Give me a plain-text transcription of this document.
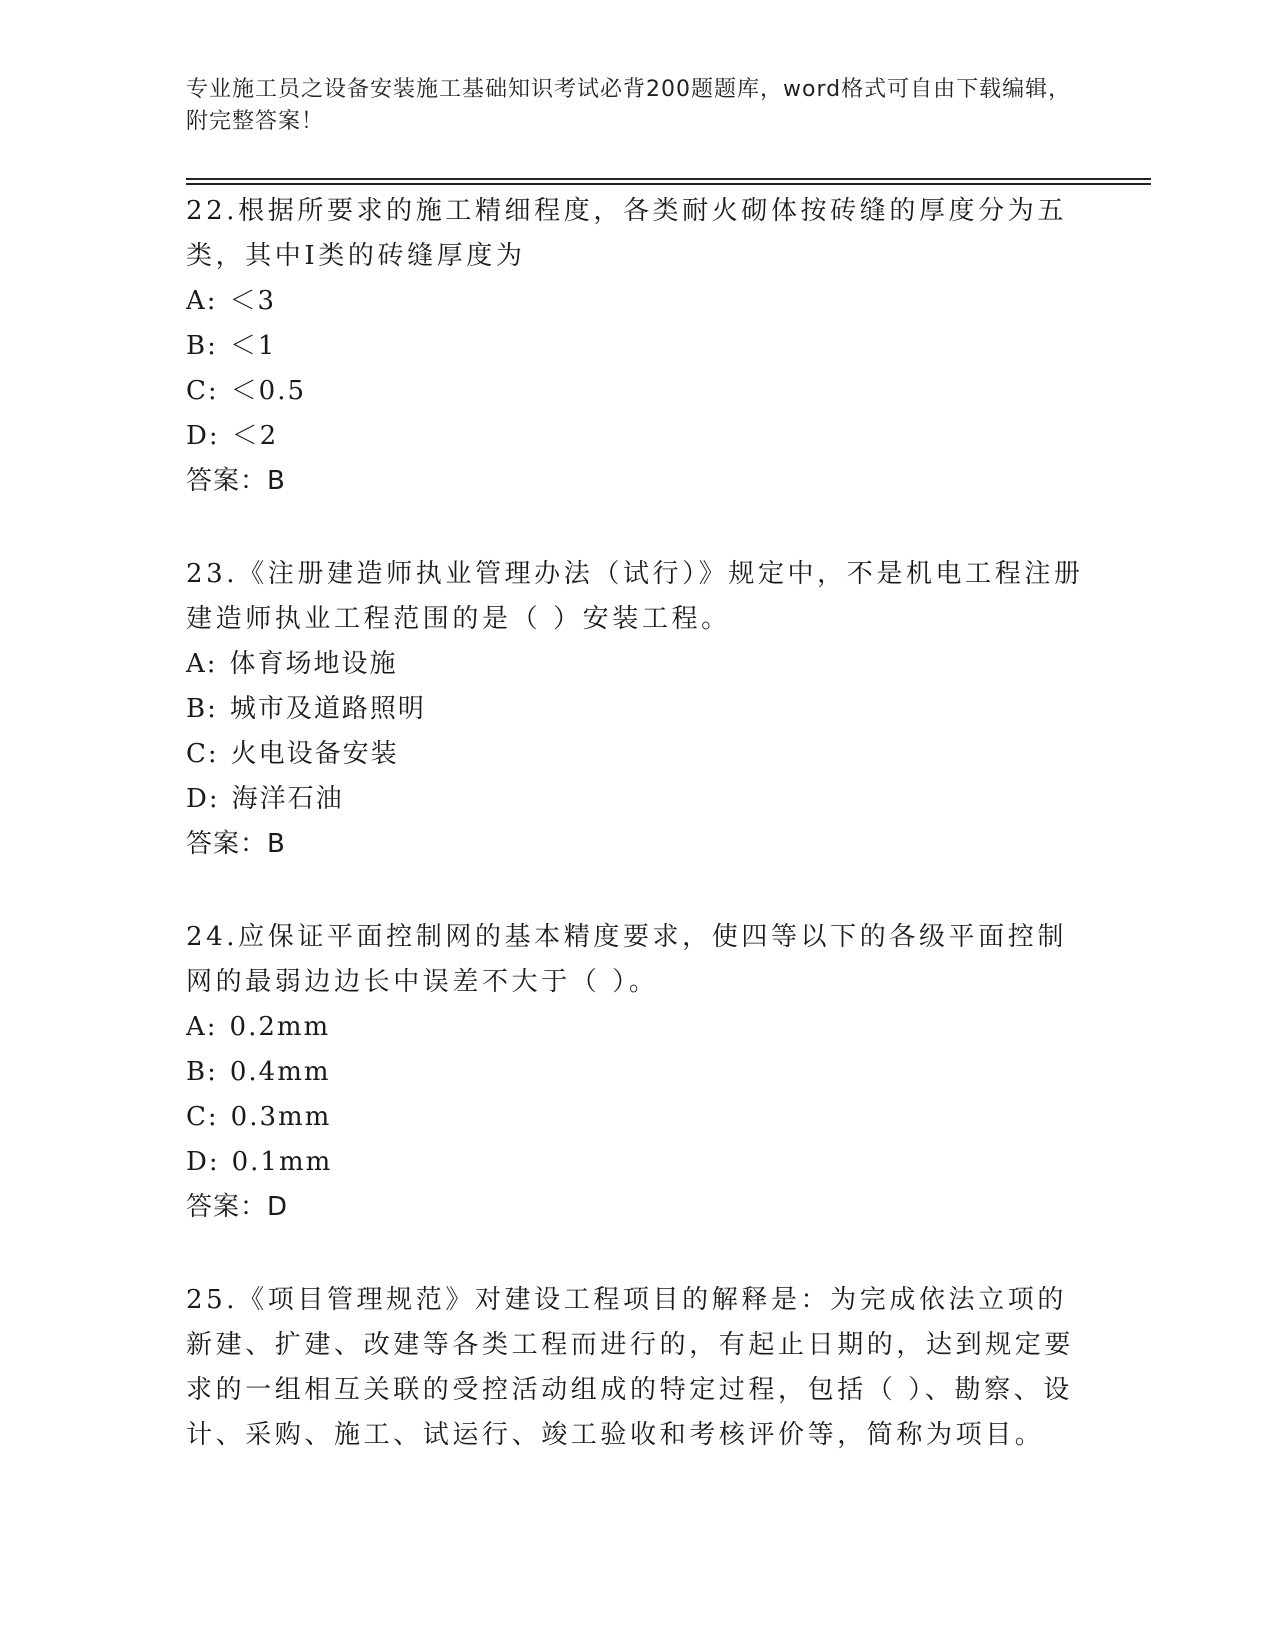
专业施工员之设备安装施工基础知识考试必背200题题库，word格式可自由下载编辑，附完整答案！

22.根据所要求的施工精细程度，各类耐火砌体按砖缝的厚度分为五类，其中Ⅰ类的砖缝厚度为

A: ＜3

B: ＜1

C: ＜0.5

D: ＜2

答案：B

23.《注册建造师执业管理办法（试行）》规定中，不是机电工程注册建造师执业工程范围的是（ ）安装工程。

A: 体育场地设施

B: 城市及道路照明

C: 火电设备安装

D: 海洋石油

答案：B

24.应保证平面控制网的基本精度要求，使四等以下的各级平面控制网的最弱边边长中误差不大于（ ）。

A: 0.2mm

B: 0.4mm

C: 0.3mm

D: 0.1mm

答案：D

25.《项目管理规范》对建设工程项目的解释是：为完成依法立项的新建、扩建、改建等各类工程而进行的，有起止日期的，达到规定要求的一组相互关联的受控活动组成的特定过程，包括（ ）、勘察、设计、采购、施工、试运行、竣工验收和考核评价等，简称为项目。
